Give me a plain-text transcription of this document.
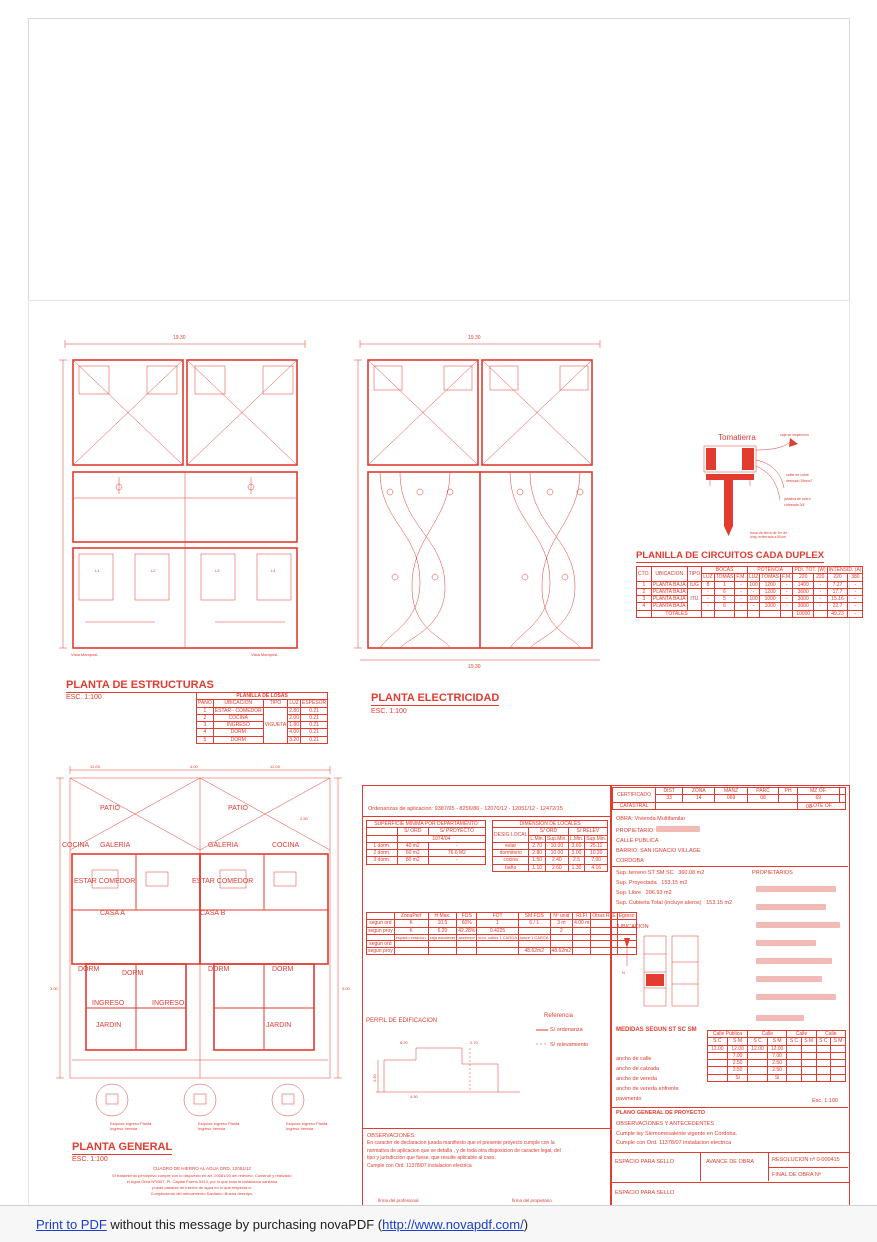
19.30
L1	L2	L3	L4
Vista Mampost.	Vista Mampost.
PLANTA DE ESTRUCTURAS
ESC. 1:100	PLANILLA DE LOSAS				
PAÑO	UBICACION	TIPO	LUZ	ESPESOR
1	ESTAR - COMEDOR	VIGUETA	2.80	0.21
2	COCINA		2.00	0.21
3	INGRESO		1.80	0.21
4	DORM		4.00	0.21
5	DORM		3.20	0.21
19.30
19.30
PLANTA ELECTRICIDAD
ESC. 1:100
caja de inspeccion
cable de cobre
desnudo 35mm2
jabalina de acero
cobreada 3/4"
toma de tierra de 1m de
long. enterrada a 50cm
Tomatierra
PLANILLA DE CIRCUITOS CADA DUPLEX
CTO.	UBICACION	TIPO	BOCAS			POTENCIA			PDI. TOT. (W)		INTENSID. (A)	
			LUZ	TOMAS	F.M.	LUZ	TOMAS	F.M.	220	220	220	380
1	PLANTA BAJA	IUG	8	1	-	100	1200	-	1400	-	7.27	-
2	PLANTA BAJA	ITU	-	6	-	-	1200	-	3600	-	17.7	-
3	PLANTA BAJA		-	5	-	100	1000	-	3000	-	15.16	-
4	PLANTA BAJA		-	6	-	-	1000	-	3000	-	22.7	-
	TOTALES								10000		49.23	-
12.00	4.00	12.00
Esquina Ingreso Planta
Ingreso Vereda
Esquina Ingreso Planta
Ingreso Vereda
Esquina Ingreso Planta
Ingreso Vereda
2.50
3.00	3.00
PATIO	PATIO
GALERIA	GALERIA
COCINA	COCINA
ESTAR COMEDOR	ESTAR COMEDOR
CASA A	CASA B
DORM
DORM
DORM	DORM
INGRESO	INGRESO
JARDIN	JARDIN
PLANTA GENERAL
ESC. 1:100
CUADRO DE HIERRO AL AGUA ORD. 12051/12
El tratamiento perceptivo cumple con lo dispuesto en art. 20081/20 del relevmo. Construir y realizado
el Agua Obra Nº9307, Pl. Capital Puerto 5413, por lo que toda la instalacion sanitaria
puede pasarse de interior de agua en lo que respecta a:
Cumplimiento del relevamiento Sanitario. Buena descripc.
Ordenanzas de aplicacion: 9387/95 - 8256/86 - 12070/12 - 12051/12 - 12472/15
SUPERFICIE MINIMA POR DEPARTAMENTO		
	S/ ORD	S/ PROYECTO
	1074/04	
1 dorm.	40 m2	-
2 dorm.	60 m2	76.6 M2
3 dorm.	80 m2	-
DIMENSION DE LOCALES				
DESIG LOCAL	S/ ORD		S/ RELEV	
	L.Min.	Sup.Min.	L.Min.	Sup.Min.
estar	2.70	10.00	3.60	25.11
dormitorio	2.80	10.00	3.00	10.20
cocina	1.50	2.40	2.5	7.00
baño	1.10	2.60	1.30	4.16
	ZonaPerf	H Max.	FOS	FOT	SM FOS	Nº unid	RLFI	Otras RLE	Egreso
segun ord	K	10.5	60%	1	6 / 1	3 m	4.00 m		
segun proy	K	6.20	42.28%	0.4225		2			
	espacio estacion.	caja escaleras	ascensor	sum. calles 1 CARGA	sobre 1 CARGA				
segun ord									
segun proy					48.62m2	48.62m2			
PERFIL DE EDIFICACION
2.50
6.20	2.70
4.30
Referencia
S/ ordenanza
S/ relevamiento
OBSERVACIONES:
En caracter de declaracion jurada manifiesto que el presente proyecto cumple con la
normativa de aplicacion que se detalla , y de toda otra disposicion de caracter legal, del
tipo y jurisdiccion que fuese, que resulte aplicable al caso.
Cumple con Ord. 11378/07 instalacion electrica
firma del profesional	firma del propietario
CERTIFICADO	DIST	ZONA	MANZ	PARC	PH	MZ OF.	
	33	14	069	08		69	
CATASTRAL						LOTE OF.	
08
OBRA: Vivienda Multifamilar
PROPIETARIO:
CALLE PUBLICA
BARRIO: SAN IGNACIO VILLAGE
CORDOBA
Sup. terreno ST SM SC 360.08 m2
Sup. Proyectada 153.15 m2
Sup. Libre 206.93 m2
Sup. Cubierta Total (incluye aleros) 153.15 m2
PROPIETARIOS

UBICACION
N
MEDIDAS SEGUN ST SC SM
	Calle Publica		Calle		Calle		Calle	
	S C	S M	S C	S M	S C	S M	S C	S M
	12.00	12.00	12.00	12.00				
		7.00		7.00				
		2.50		2.50				
		2.50		2.50				
		Si		Si				
ancho de calle
ancho de calzada
ancho de vereda
ancho de vereda enfrente
pavimento	Esc. 1:100
PLANO GENERAL DE PROYECTO
OBSERVACIONES Y ANTECEDENTES
Cumple ley Siemomesalente vigente en Córdoba.
Cumple con Ord. 11378/07 instalacion electrica
ESPACIO PARA SELLO	AVANCE DE OBRA	RESOLUCION nº 0-000415
FINAL DE OBRA Nº
ESPACIO PARA SELLO
Print to PDF without this message by purchasing novaPDF (http://www.novapdf.com/)
